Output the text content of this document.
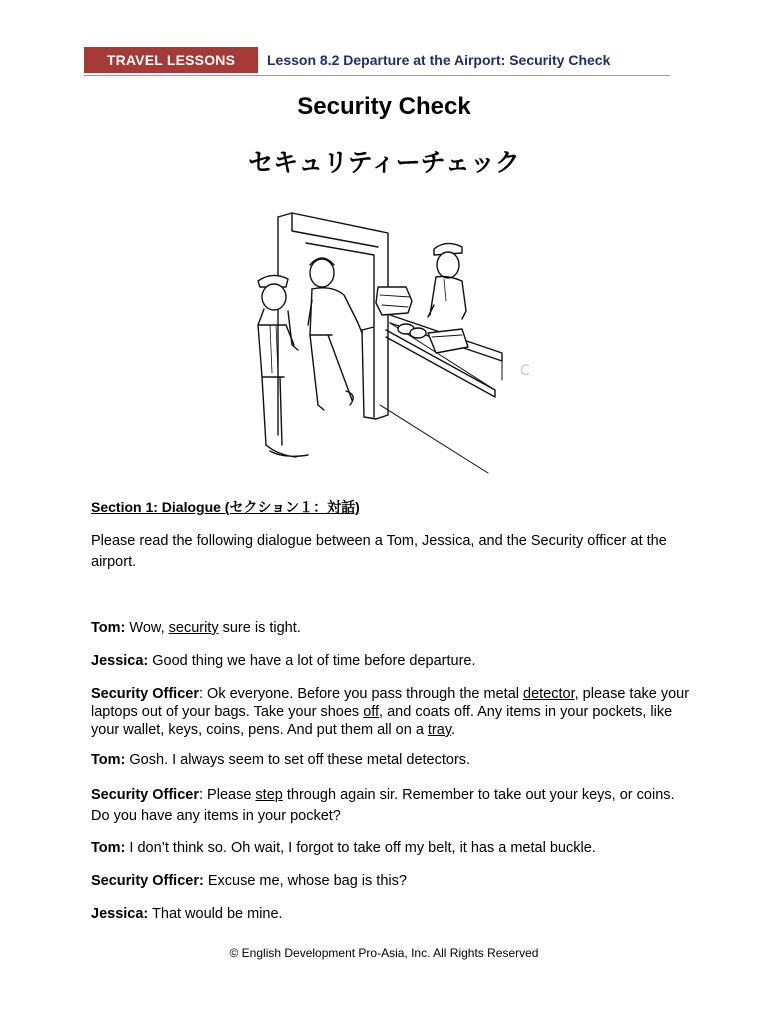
TRAVEL LESSONS	Lesson 8.2 Departure at the Airport: Security Check
Security Check
セキュリティーチェック
C
Section 1: Dialogue (セクション１：対話)
Please read the following dialogue between a Tom, Jessica, and the Security officer at the airport.
Tom: Wow, security sure is tight.
Jessica: Good thing we have a lot of time before departure.
Security Officer: Ok everyone. Before you pass through the metal detector, please take your laptops out of your bags. Take your shoes off, and coats off. Any items in your pockets, like your wallet, keys, coins, pens. And put them all on a tray.
Tom: Gosh. I always seem to set off these metal detectors.
Security Officer: Please step through again sir. Remember to take out your keys, or coins. Do you have any items in your pocket?
Tom: I don’t think so. Oh wait, I forgot to take off my belt, it has a metal buckle.
Security Officer: Excuse me, whose bag is this?
Jessica: That would be mine.
© English Development Pro-Asia, Inc. All Rights Reserved
